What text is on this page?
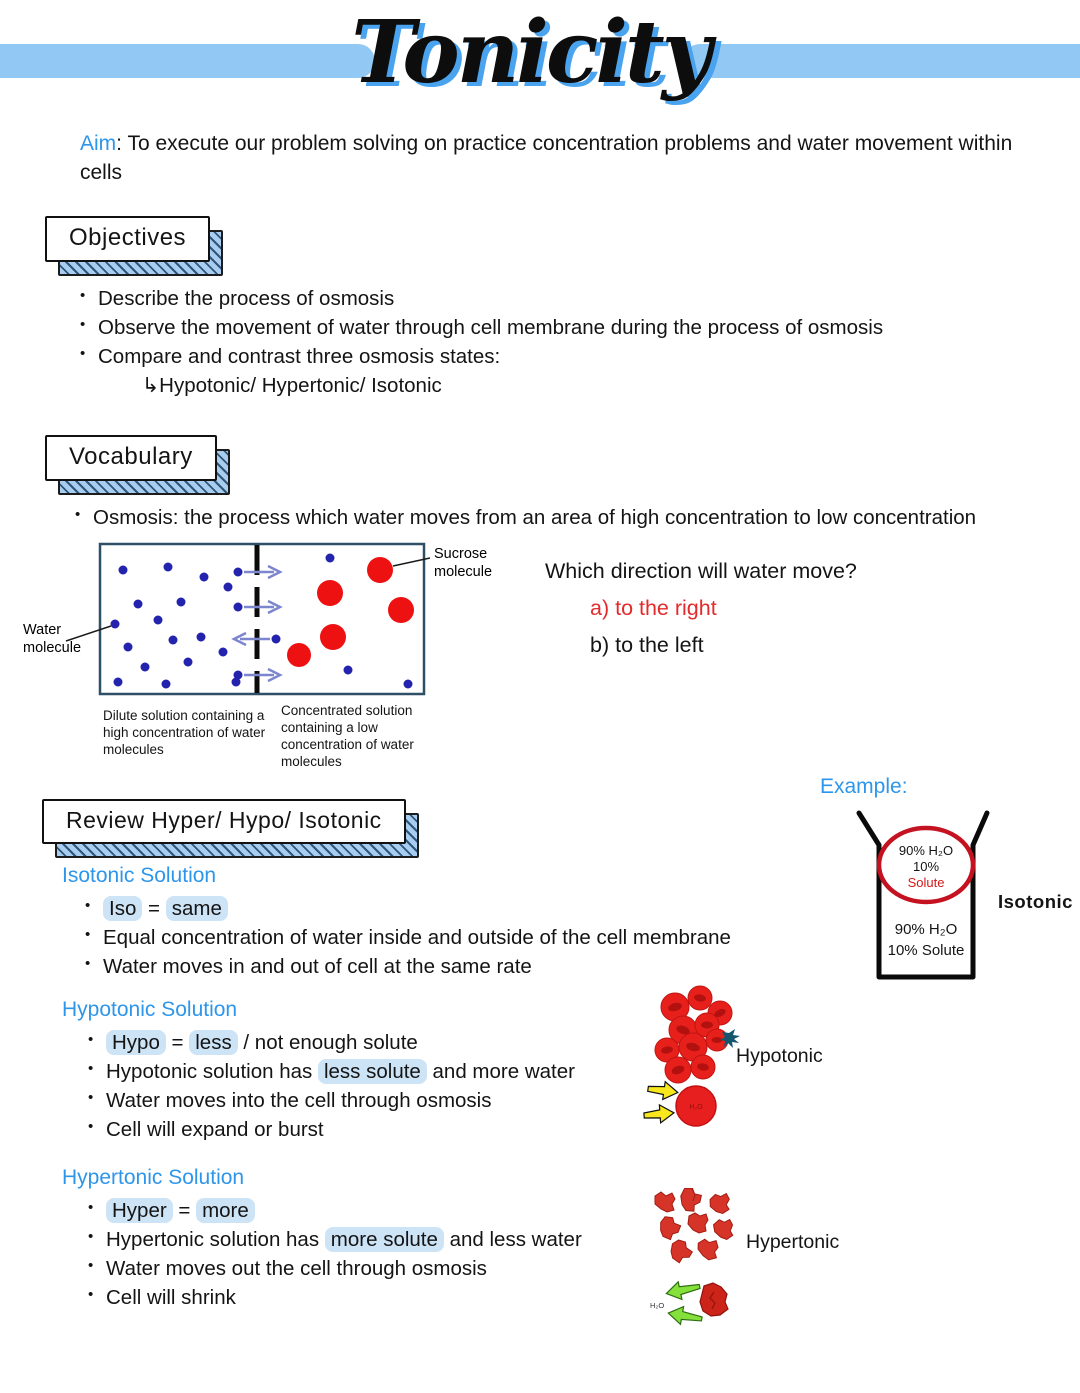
Tonicity

Aim: To execute our problem solving on practice concentration problems and water movement within cells

Objectives
• Describe the process of osmosis
• Observe the movement of water through cell membrane during the process of osmosis
• Compare and contrast three osmosis states:
↳Hypotonic/ Hypertonic/ Isotonic
Vocabulary
• Osmosis: the process which water moves from an area of high concentration to low concentration
Water
molecule
Sucrose
molecule
Dilute solution containing a high concentration of water molecules
Concentrated solution containing a low concentration of water molecules
Which direction will water move?
a) to the right
b) to the left
Example:
90% H₂O
10%
Solute
90% H₂O
10% Solute
Isotonic
Review Hyper/ Hypo/ Isotonic
Isotonic Solution
• Iso = same
• Equal concentration of water inside and outside of the cell membrane
• Water moves in and out of cell at the same rate
Hypotonic Solution
• Hypo = less / not enough solute
• Hypotonic solution has less solute and more water
• Water moves into the cell through osmosis
• Cell will expand or burst
Hypotonic
H₂O
Hypertonic Solution
• Hyper = more
• Hypertonic solution has more solute and less water
• Water moves out the cell through osmosis
• Cell will shrink
Hypertonic
H₂O
